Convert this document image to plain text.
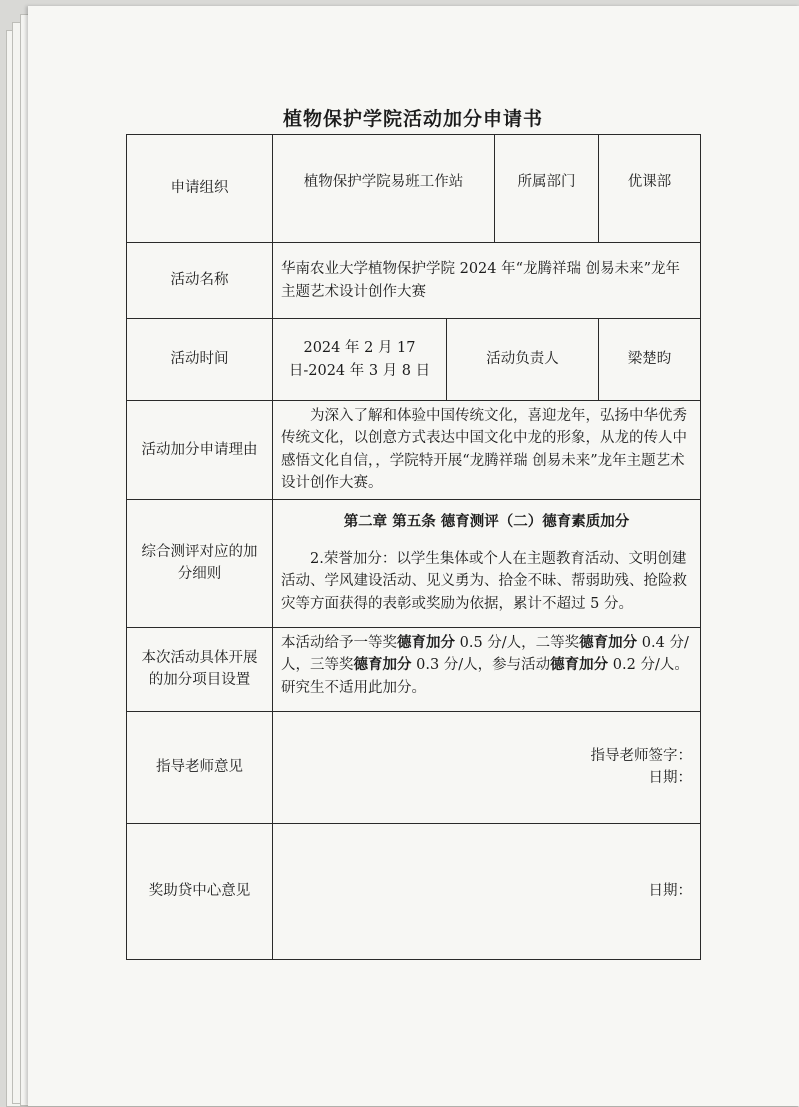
植物保护学院活动加分申请书
申请组织	植物保护学院易班工作站		所属部门	优课部
活动名称	华南农业大学植物保护学院 2024 年“龙腾祥瑞 创易未来”龙年主题艺术设计创作大赛			
活动时间	2024 年 2 月 17 日-2024 年 3 月 8 日	活动负责人		梁楚昀
活动加分申请理由	为深入了解和体验中国传统文化，喜迎龙年，弘扬中华优秀传统文化，以创意方式表达中国文化中龙的形象，从龙的传人中感悟文化自信，，学院特开展“龙腾祥瑞 创易未来”龙年主题艺术设计创作大赛。			
综合测评对应的加分细则	第二章 第五条 德育测评（二）德育素质加分
2.荣誉加分：以学生集体或个人在主题教育活动、文明创建活动、学风建设活动、见义勇为、拾金不昧、帮弱助残、抢险救灾等方面获得的表彰或奖励为依据，累计不超过 5 分。			

本次活动具体开展的加分项目设置	本活动给予一等奖德育加分 0.5 分/人，二等奖德育加分 0.4 分/人，三等奖德育加分 0.3 分/人，参与活动德育加分 0.2 分/人。研究生不适用此加分。			
指导老师意见	指导老师签字：
日期：			

奖助贷中心意见	日期：			
